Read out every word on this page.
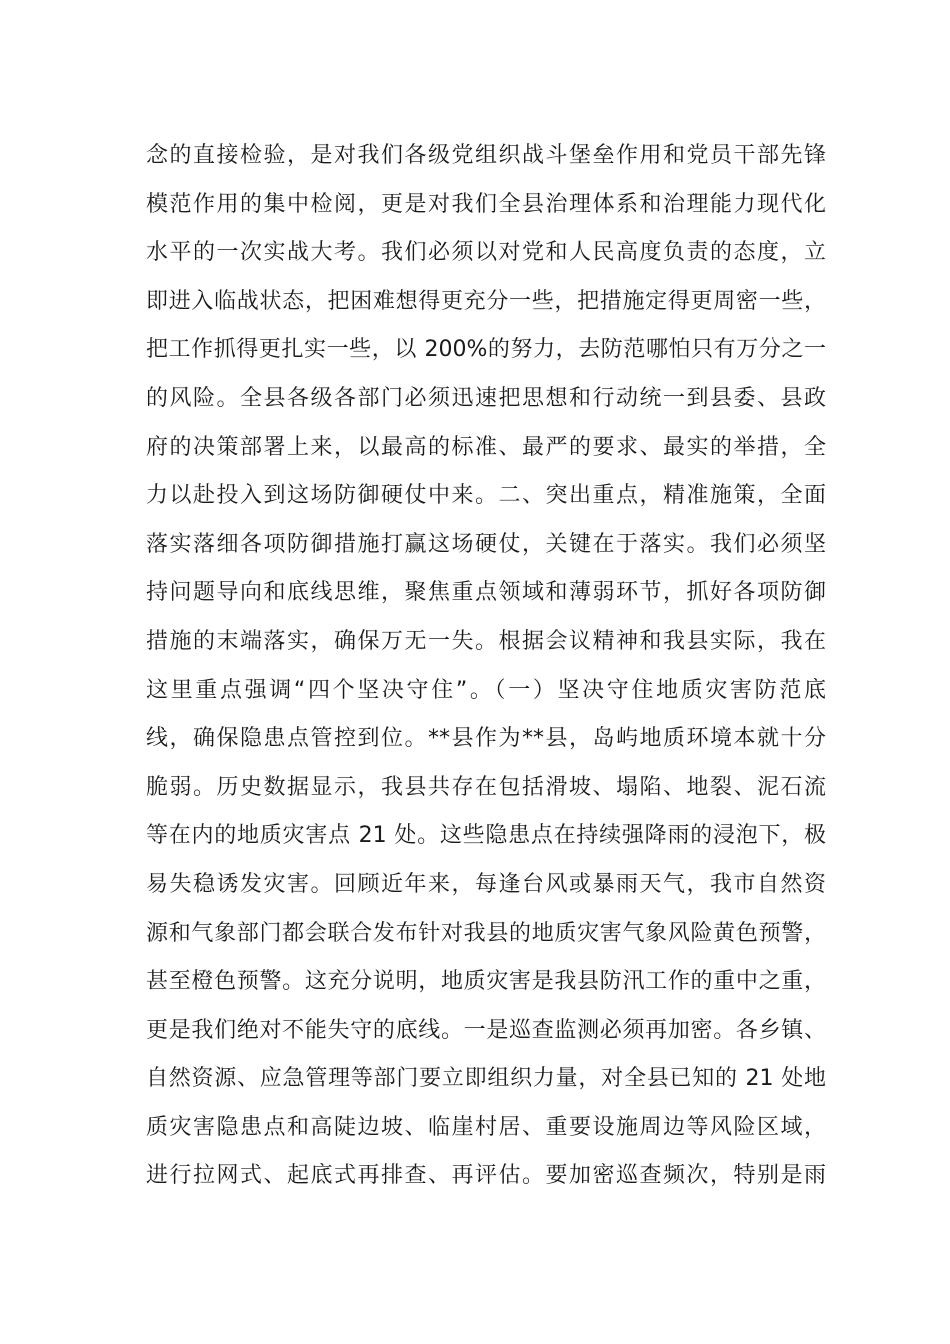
念的直接检验，是对我们各级党组织战斗堡垒作用和党员干部先锋
模范作用的集中检阅，更是对我们全县治理体系和治理能力现代化
水平的一次实战大考。我们必须以对党和人民高度负责的态度，立
即进入临战状态，把困难想得更充分一些，把措施定得更周密一些，
把工作抓得更扎实一些，以 200%的努力，去防范哪怕只有万分之一
的风险。全县各级各部门必须迅速把思想和行动统一到县委、县政
府的决策部署上来，以最高的标准、最严的要求、最实的举措，全
力以赴投入到这场防御硬仗中来。二、突出重点，精准施策，全面
落实落细各项防御措施打赢这场硬仗，关键在于落实。我们必须坚
持问题导向和底线思维，聚焦重点领域和薄弱环节，抓好各项防御
措施的末端落实，确保万无一失。根据会议精神和我县实际，我在
这里重点强调“四个坚决守住”。（一）坚决守住地质灾害防范底
线，确保隐患点管控到位。**县作为**县，岛屿地质环境本就十分
脆弱。历史数据显示，我县共存在包括滑坡、塌陷、地裂、泥石流
等在内的地质灾害点 21 处。这些隐患点在持续强降雨的浸泡下，极
易失稳诱发灾害。回顾近年来，每逢台风或暴雨天气，我市自然资
源和气象部门都会联合发布针对我县的地质灾害气象风险黄色预警，
甚至橙色预警。这充分说明，地质灾害是我县防汛工作的重中之重，
更是我们绝对不能失守的底线。一是巡查监测必须再加密。各乡镇、
自然资源、应急管理等部门要立即组织力量，对全县已知的 21 处地
质灾害隐患点和高陡边坡、临崖村居、重要设施周边等风险区域，
进行拉网式、起底式再排查、再评估。要加密巡查频次，特别是雨
